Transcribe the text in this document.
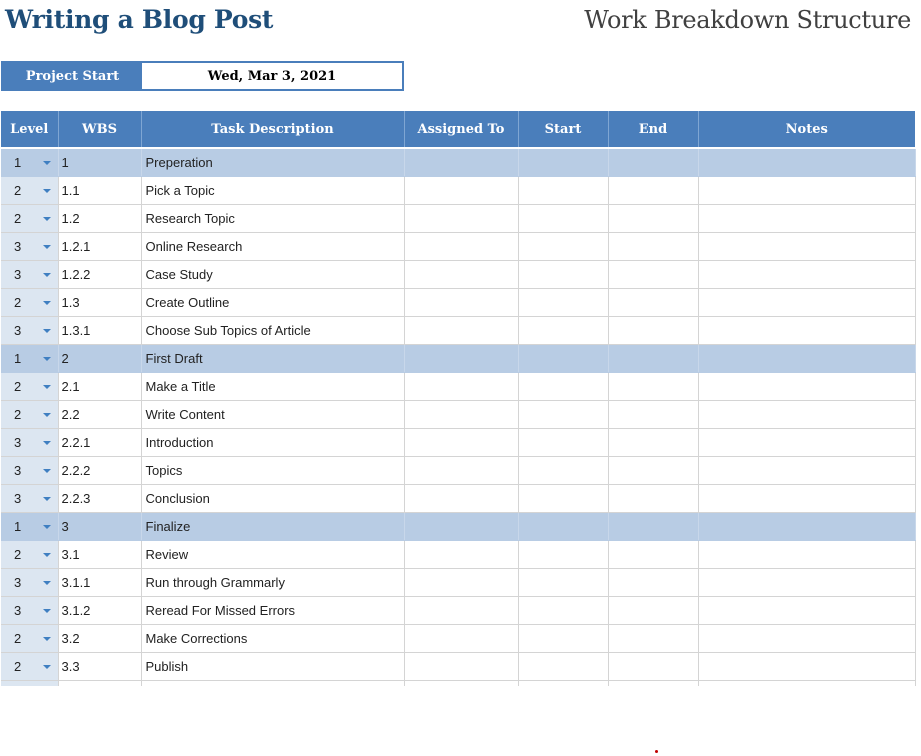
Writing a Blog Post	Work Breakdown Structure
Project Start	Wed, Mar 3, 2021
Level	WBS	Task Description	Assigned To	Start	End	Notes

1	1	Preperation				
2	1.1	Pick a Topic				
2	1.2	Research Topic				
3	1.2.1	Online Research				
3	1.2.2	Case Study				
2	1.3	Create Outline				
3	1.3.1	Choose Sub Topics of Article				
1	2	First Draft				
2	2.1	Make a Title				
2	2.2	Write Content				
3	2.2.1	Introduction				
3	2.2.2	Topics				
3	2.2.3	Conclusion				
1	3	Finalize				
2	3.1	Review				
3	3.1.1	Run through Grammarly				
3	3.1.2	Reread For Missed Errors				
2	3.2	Make Corrections				
2	3.3	Publish				
